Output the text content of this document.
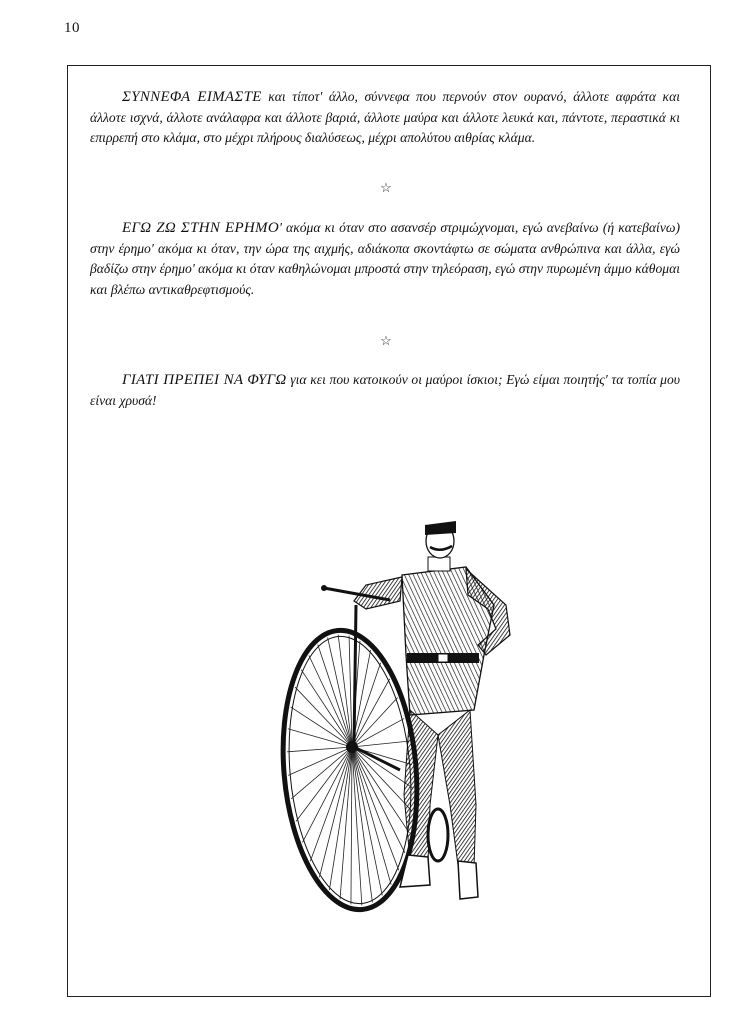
10
ΣΥΝΝΕΦΑ ΕΙΜΑΣΤΕ και τίποτ' άλλο, σύννεφα που περνούν στον ουρανό, άλλοτε αφράτα και άλλοτε ισχνά, άλλοτε ανάλαφρα και άλλοτε βαριά, άλλοτε μαύρα και άλλοτε λευκά και, πάντοτε, περαστικά κι επιρρεπή στο κλάμα, στο μέχρι πλήρους διαλύσεως, μέχρι απολύτου αιθρίας κλάμα.
☆
ΕΓΩ ΖΩ ΣΤΗΝ ΕΡΗΜΟ' ακόμα κι όταν στο ασανσέρ στριμώχνομαι, εγώ ανεβαίνω (ή κατεβαίνω) στην έρημο' ακόμα κι όταν, την ώρα της αιχμής, αδιάκοπα σκοντάφτω σε σώματα ανθρώπινα και άλλα, εγώ βαδίζω στην έρημο' ακόμα κι όταν καθηλώνομαι μπροστά στην τηλεόραση, εγώ στην πυρωμένη άμμο κάθομαι και βλέπω αντικαθρεφτισμούς.
☆
ΓΙΑΤΙ ΠΡΕΠΕΙ ΝΑ ΦΥΓΩ για κει που κατοικούν οι μαύροι ίσκιοι; Εγώ είμαι ποιητής' τα τοπία μου είναι χρυσά!
